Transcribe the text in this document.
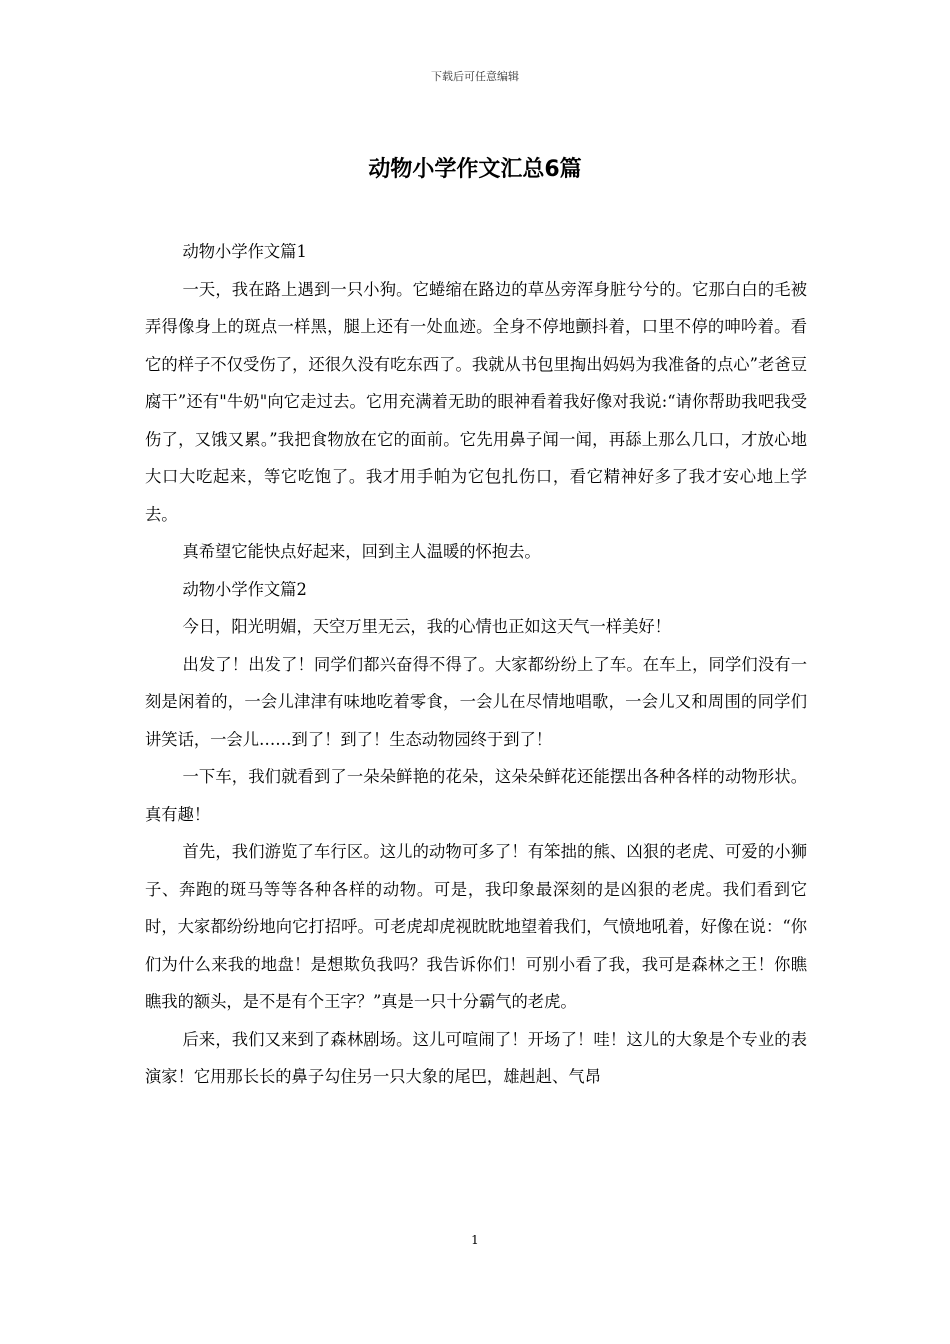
下载后可任意编辑
动物小学作文汇总6篇

动物小学作文篇1

一天，我在路上遇到一只小狗。它蜷缩在路边的草丛旁浑身脏兮兮的。它那白白的毛被弄得像身上的斑点一样黑，腿上还有一处血迹。全身不停地颤抖着，口里不停的呻吟着。看它的样子不仅受伤了，还很久没有吃东西了。我就从书包里掏出妈妈为我准备的点心”老爸豆腐干”还有"牛奶"向它走过去。它用充满着无助的眼神看着我好像对我说:“请你帮助我吧我受伤了，又饿又累。”我把食物放在它的面前。它先用鼻子闻一闻，再舔上那么几口，才放心地大口大吃起来，等它吃饱了。我才用手帕为它包扎伤口，看它精神好多了我才安心地上学去。

真希望它能快点好起来，回到主人温暖的怀抱去。

动物小学作文篇2

今日，阳光明媚，天空万里无云，我的心情也正如这天气一样美好！

出发了！出发了！同学们都兴奋得不得了。大家都纷纷上了车。在车上，同学们没有一刻是闲着的，一会儿津津有味地吃着零食，一会儿在尽情地唱歌，一会儿又和周围的同学们讲笑话，一会儿……到了！到了！生态动物园终于到了！

一下车，我们就看到了一朵朵鲜艳的花朵，这朵朵鲜花还能摆出各种各样的动物形状。真有趣！

首先，我们游览了车行区。这儿的动物可多了！有笨拙的熊、凶狠的老虎、可爱的小狮子、奔跑的斑马等等各种各样的动物。可是，我印象最深刻的是凶狠的老虎。我们看到它时，大家都纷纷地向它打招呼。可老虎却虎视眈眈地望着我们，气愤地吼着，好像在说：“你们为什么来我的地盘！是想欺负我吗？我告诉你们！可别小看了我，我可是森林之王！你瞧瞧我的额头，是不是有个王字？”真是一只十分霸气的老虎。

后来，我们又来到了森林剧场。这儿可喧闹了！开场了！哇！这儿的大象是个专业的表演家！它用那长长的鼻子勾住另一只大象的尾巴，雄赳赳、气昂

1
